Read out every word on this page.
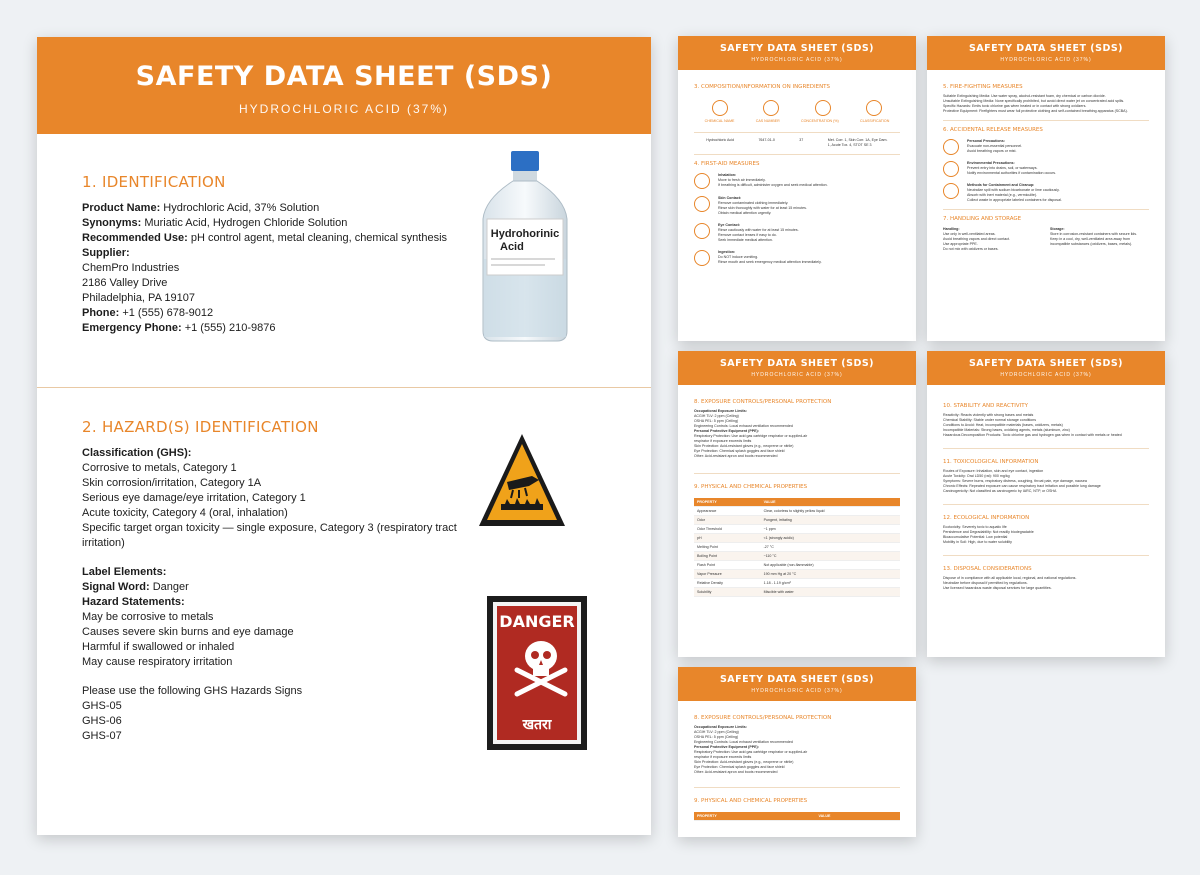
SAFETY DATA SHEET (SDS)
HYDROCHLORIC ACID (37%)
1. IDENTIFICATION
Product Name: Hydrochloric Acid, 37% Solution
Synonyms: Muriatic Acid, Hydrogen Chloride Solution
Recommended Use: pH control agent, metal cleaning, chemical synthesis
Supplier:
ChemPro Industries
2186 Valley Drive
Philadelphia, PA 19107
Phone: +1 (555) 678-9012
Emergency Phone: +1 (555) 210-9876
Hydrohorinic
Acid
2. HAZARD(S) IDENTIFICATION
Classification (GHS):
Corrosive to metals, Category 1
Skin corrosion/irritation, Category 1A
Serious eye damage/eye irritation, Category 1
Acute toxicity, Category 4 (oral, inhalation)
Specific target organ toxicity — single exposure, Category 3 (respiratory tract
irritation)
Label Elements:
Signal Word: Danger
Hazard Statements:
May be corrosive to metals
Causes severe skin burns and eye damage
Harmful if swallowed or inhaled
May cause respiratory irritation
Please use the following GHS Hazards Signs
GHS-05
GHS-06
GHS-07
DANGER
खतरा
SAFETY DATA SHEET (SDS)
HYDROCHLORIC ACID (37%)
3. COMPOSITION/INFORMATION ON INGREDIENTS
CHEMICAL NAME	CAS NUMBER	CONCENTRATION (%)	CLASSIFICATION
Hydrochloric Acid	7647-01-0	37	Met. Corr. 1, Skin Corr. 1A, Eye Dam. 1, Acute Tox. 4, STOT SE 3
4. FIRST-AID MEASURES
Inhalation:
Move to fresh air immediately.
If breathing is difficult, administer oxygen and seek medical attention.
Skin Contact:
Remove contaminated clothing immediately.
Rinse skin thoroughly with water for at least 15 minutes.
Obtain medical attention urgently.
Eye Contact:
Rinse cautiously with water for at least 15 minutes.
Remove contact lenses if easy to do.
Seek immediate medical attention.
Ingestion:
Do NOT induce vomiting.
Rinse mouth and seek emergency medical attention immediately.
SAFETY DATA SHEET (SDS)
HYDROCHLORIC ACID (37%)
5. FIRE-FIGHTING MEASURES
Suitable Extinguishing Media: Use water spray, alcohol-resistant foam, dry chemical or carbon dioxide.
Unsuitable Extinguishing Media: None specifically prohibited, but avoid direct water jet on concentrated acid spills.
Specific Hazards: Emits toxic chlorine gas when heated or in contact with strong oxidizers.
Protective Equipment: Firefighters must wear full protective clothing and self-contained breathing apparatus (SCBA).
6. ACCIDENTAL RELEASE MEASURES
Personal Precautions:
Evacuate non-essential personnel.
Avoid breathing vapors or mist.
Environmental Precautions:
Prevent entry into drains, soil, or waterways.
Notify environmental authorities if contamination occurs.
Methods for Containment and Cleanup:
Neutralize spill with sodium bicarbonate or lime cautiously.
Absorb with inert material (e.g., vermiculite).
Collect waste in appropriate labeled containers for disposal.
7. HANDLING AND STORAGE
Handling:
Use only in well-ventilated areas.
Avoid breathing vapors and direct contact.
Use appropriate PPE.
Do not mix with oxidizers or bases.
Storage:
Store in corrosion-resistant containers with secure lids.
Keep in a cool, dry, well-ventilated area away from incompatible substances (oxidizers, bases, metals).
SAFETY DATA SHEET (SDS)
HYDROCHLORIC ACID (37%)
8. EXPOSURE CONTROLS/PERSONAL PROTECTION
Occupational Exposure Limits:
ACGIH TLV: 2 ppm (Ceiling)
OSHA PEL: 5 ppm (Ceiling)
Engineering Controls: Local exhaust ventilation recommended
Personal Protective Equipment (PPE):
Respiratory Protection: Use acid gas cartridge respirator or supplied-air
respirator if exposure exceeds limits
Skin Protection: Acid-resistant gloves (e.g., neoprene or nitrile)
Eye Protection: Chemical splash goggles and face shield
Other: Acid-resistant apron and boots recommended
9. PHYSICAL AND CHEMICAL PROPERTIES
PROPERTY	VALUE
Appearance	Clear, colorless to slightly yellow liquid
Odor	Pungent, irritating
Odor Threshold	~1 ppm
pH	<1 (strongly acidic)
Melting Point	-27 °C
Boiling Point	~110 °C
Flash Point	Not applicable (non-flammable)
Vapor Pressure	190 mm Hg at 20 °C
Relative Density	1.18 - 1.19 g/cm³
Solubility	Miscible with water
SAFETY DATA SHEET (SDS)
HYDROCHLORIC ACID (37%)
10. STABILITY AND REACTIVITY
Reactivity: Reacts violently with strong bases and metals
Chemical Stability: Stable under normal storage conditions
Conditions to Avoid: Heat, incompatible materials (bases, oxidizers, metals)
Incompatible Materials: Strong bases, oxidizing agents, metals (aluminum, zinc)
Hazardous Decomposition Products: Toxic chlorine gas and hydrogen gas when in contact with metals or heated
11. TOXICOLOGICAL INFORMATION
Routes of Exposure: Inhalation, skin and eye contact, ingestion
Acute Toxicity: Oral LD50 (rat): 900 mg/kg
Symptoms: Severe burns, respiratory distress, coughing, throat pain, eye damage, nausea
Chronic Effects: Repeated exposure can cause respiratory tract irritation and possible lung damage
Carcinogenicity: Not classified as carcinogenic by IARC, NTP, or OSHA
12. ECOLOGICAL INFORMATION
Ecotoxicity: Severely toxic to aquatic life
Persistence and Degradability: Not readily biodegradable
Bioaccumulative Potential: Low potential
Mobility in Soil: High, due to water solubility
13. DISPOSAL CONSIDERATIONS
Dispose of in compliance with all applicable local, regional, and national regulations.
Neutralize before disposal if permitted by regulations.
Use licensed hazardous waste disposal services for large quantities.
SAFETY DATA SHEET (SDS)
HYDROCHLORIC ACID (37%)
8. EXPOSURE CONTROLS/PERSONAL PROTECTION
Occupational Exposure Limits:
ACGIH TLV: 2 ppm (Ceiling)
OSHA PEL: 5 ppm (Ceiling)
Engineering Controls: Local exhaust ventilation recommended
Personal Protective Equipment (PPE):
Respiratory Protection: Use acid gas cartridge respirator or supplied-air
respirator if exposure exceeds limits
Skin Protection: Acid-resistant gloves (e.g., neoprene or nitrile)
Eye Protection: Chemical splash goggles and face shield
Other: Acid-resistant apron and boots recommended
9. PHYSICAL AND CHEMICAL PROPERTIES
PROPERTY	VALUE
